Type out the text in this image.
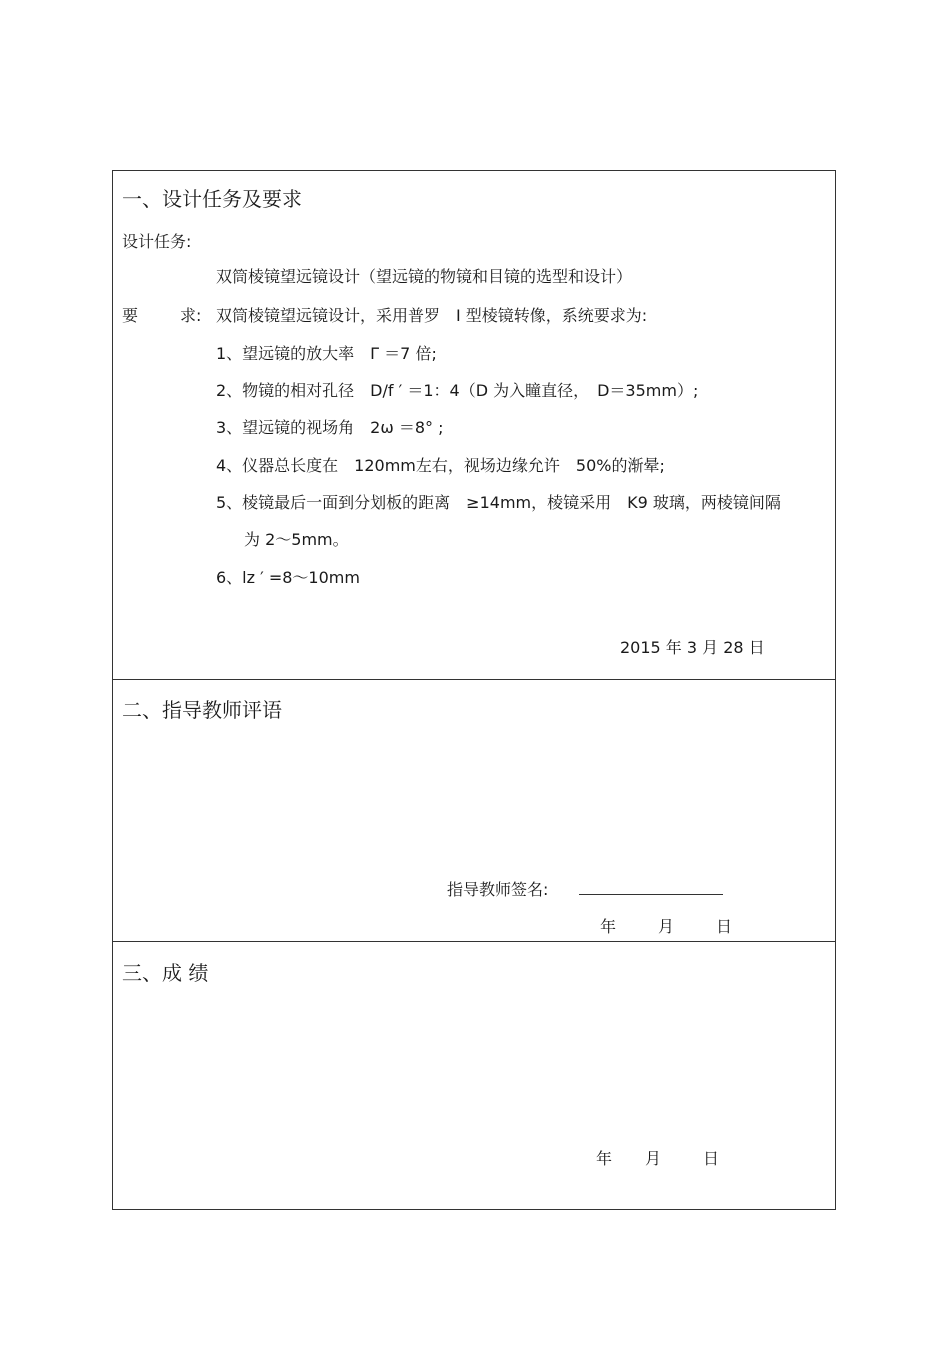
一、设计任务及要求
设计任务:
双筒棱镜望远镜设计（望远镜的物镜和目镜的选型和设计）
要	求: 双筒棱镜望远镜设计，采用普罗　I 型棱镜转像，系统要求为:
1、望远镜的放大率　Γ ＝7 倍;
2、物镜的相对孔径　D/f ′ ＝1：4（D 为入瞳直径，　D＝35mm）;
3、望远镜的视场角　2ω ＝8° ;
4、仪器总长度在　120mm左右，视场边缘允许　50%的渐晕;
5、棱镜最后一面到分划板的距离　≥14mm，棱镜采用　K9 玻璃，两棱镜间隔
为 2～5mm。
6、lz ′ =8～10mm
2015 年 3 月 28 日
二、指导教师评语
指导教师签名:
年	月	日
三、成 绩
年 月	日
